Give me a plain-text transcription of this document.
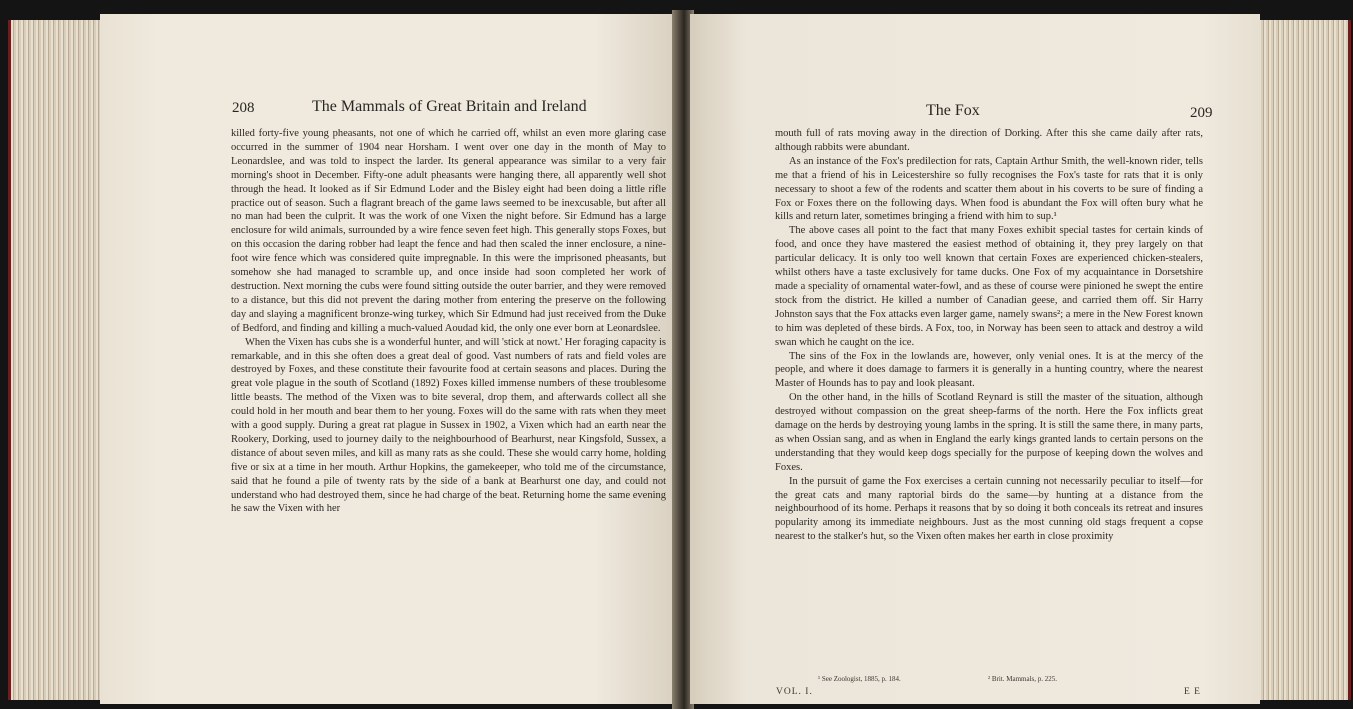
208	The Mammals of Great Britain and Ireland

killed forty-five young pheasants, not one of which he carried off, whilst an even more glaring case occurred in the summer of 1904 near Horsham. I went over one day in the month of May to Leonardslee, and was told to inspect the larder. Its general appearance was similar to a very fair morning's shoot in December. Fifty-one adult pheasants were hanging there, all apparently well shot through the head. It looked as if Sir Edmund Loder and the Bisley eight had been doing a little rifle practice out of season. Such a flagrant breach of the game laws seemed to be inexcusable, but after all no man had been the culprit. It was the work of one Vixen the night before. Sir Edmund has a large enclosure for wild animals, surrounded by a wire fence seven feet high. This generally stops Foxes, but on this occasion the daring robber had leapt the fence and had then scaled the inner enclosure, a nine-foot wire fence which was considered quite impregnable. In this were the imprisoned pheasants, but somehow she had managed to scramble up, and once inside had soon completed her work of destruction. Next morning the cubs were found sitting outside the outer barrier, and they were removed to a distance, but this did not prevent the daring mother from entering the preserve on the following day and slaying a magnificent bronze-wing turkey, which Sir Edmund had just received from the Duke of Bedford, and finding and killing a much-valued Aoudad kid, the only one ever born at Leonardslee.

When the Vixen has cubs she is a wonderful hunter, and will 'stick at nowt.' Her foraging capacity is remarkable, and in this she often does a great deal of good. Vast numbers of rats and field voles are destroyed by Foxes, and these constitute their favourite food at certain seasons and places. During the great vole plague in the south of Scotland (1892) Foxes killed immense numbers of these troublesome little beasts. The method of the Vixen was to bite several, drop them, and afterwards collect all she could hold in her mouth and bear them to her young. Foxes will do the same with rats when they meet with a good supply. During a great rat plague in Sussex in 1902, a Vixen which had an earth near the Rookery, Dorking, used to journey daily to the neighbourhood of Bearhurst, near Kingsfold, Sussex, a distance of about seven miles, and kill as many rats as she could. These she would carry home, holding five or six at a time in her mouth. Arthur Hopkins, the gamekeeper, who told me of the circumstance, said that he found a pile of twenty rats by the side of a bank at Bearhurst one day, and could not understand who had destroyed them, since he had charge of the beat. Returning home the same evening he saw the Vixen with her

The Fox	209

mouth full of rats moving away in the direction of Dorking. After this she came daily after rats, although rabbits were abundant.

As an instance of the Fox's predilection for rats, Captain Arthur Smith, the well-known rider, tells me that a friend of his in Leicestershire so fully recognises the Fox's taste for rats that it is only necessary to shoot a few of the rodents and scatter them about in his coverts to be sure of finding a Fox or Foxes there on the following days. When food is abundant the Fox will often bury what he kills and return later, sometimes bringing a friend with him to sup.¹

The above cases all point to the fact that many Foxes exhibit special tastes for certain kinds of food, and once they have mastered the easiest method of obtaining it, they prey largely on that particular delicacy. It is only too well known that certain Foxes are experienced chicken-stealers, whilst others have a taste exclusively for tame ducks. One Fox of my acquaintance in Dorsetshire made a speciality of ornamental water-fowl, and as these of course were pinioned he swept the entire stock from the district. He killed a number of Canadian geese, and carried them off. Sir Harry Johnston says that the Fox attacks even larger game, namely swans²; a mere in the New Forest known to him was depleted of these birds. A Fox, too, in Norway has been seen to attack and destroy a wild swan which he caught on the ice.

The sins of the Fox in the lowlands are, however, only venial ones. It is at the mercy of the people, and where it does damage to farmers it is generally in a hunting country, where the nearest Master of Hounds has to pay and look pleasant.

On the other hand, in the hills of Scotland Reynard is still the master of the situation, although destroyed without compassion on the great sheep-farms of the north. Here the Fox inflicts great damage on the herds by destroying young lambs in the spring. It is still the same there, in many parts, as when Ossian sang, and as when in England the early kings granted lands to certain persons on the understanding that they would keep dogs specially for the purpose of keeping down the wolves and Foxes.

In the pursuit of game the Fox exercises a certain cunning not necessarily peculiar to itself—for the great cats and many raptorial birds do the same—by hunting at a distance from the neighbourhood of its home. Perhaps it reasons that by so doing it both conceals its retreat and insures popularity among its immediate neighbours. Just as the most cunning old stags frequent a copse nearest to the stalker's hut, so the Vixen often makes her earth in close proximity

¹ See Zoologist, 1885, p. 184.	² Brit. Mammals, p. 225.
VOL. I.	E E
